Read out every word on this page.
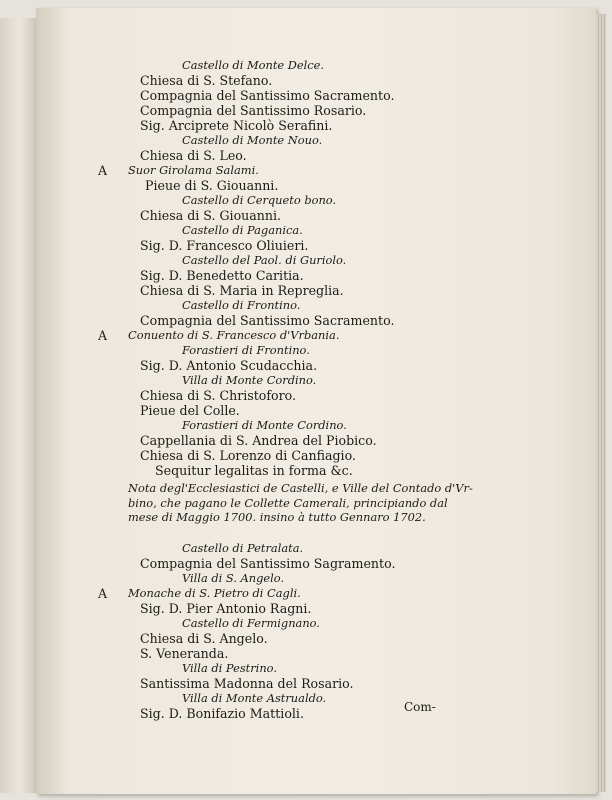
Castello di Monte Delce.
Chiesa di S. Stefano.
Compagnia del Santissimo Sacramento.
Compagnia del Santissimo Rosario.
Sig. Arciprete Nicolò Serafini.
Castello di Monte Nouo.
Chiesa di S. Leo.
A Suor Girolama Salami.
Pieue di S. Giouanni.
Castello di Cerqueto bono.
Chiesa di S. Giouanni.
Castello di Paganica.
Sig. D. Francesco Oliuieri.
Castello del Paol. di Guriolo.
Sig. D. Benedetto Caritia.
Chiesa di S. Maria in Repreglia.
Castello di Frontino.
Compagnia del Santissimo Sacramento.
A Conuento di S. Francesco d'Vrbania.
Forastieri di Frontino.
Sig. D. Antonio Scudacchia.
Villa di Monte Cordino.
Chiesa di S. Christoforo.
Pieue del Colle.
Forastieri di Monte Cordino.
Cappellania di S. Andrea del Piobico.
Chiesa di S. Lorenzo di Canfiagio.
Sequitur legalitas in forma &c.
Castello di Petralata.
Compagnia del Santissimo Sagramento.
Villa di S. Angelo.
A Monache di S. Pietro di Cagli.
Sig. D. Pier Antonio Ragni.
Castello di Fermignano.
Chiesa di S. Angelo.
S. Veneranda.
Villa di Pestrino.
Santissima Madonna del Rosario.
Villa di Monte Astrualdo.
Sig. D. Bonifazio Mattioli.
Nota degl'Ecclesiastici de Castelli, e Ville del Contado d'Vr-
bino, che pagano le Collette Camerali, principiando dal
mese di Maggio 1700. insino à tutto Gennaro 1702.
Com-
